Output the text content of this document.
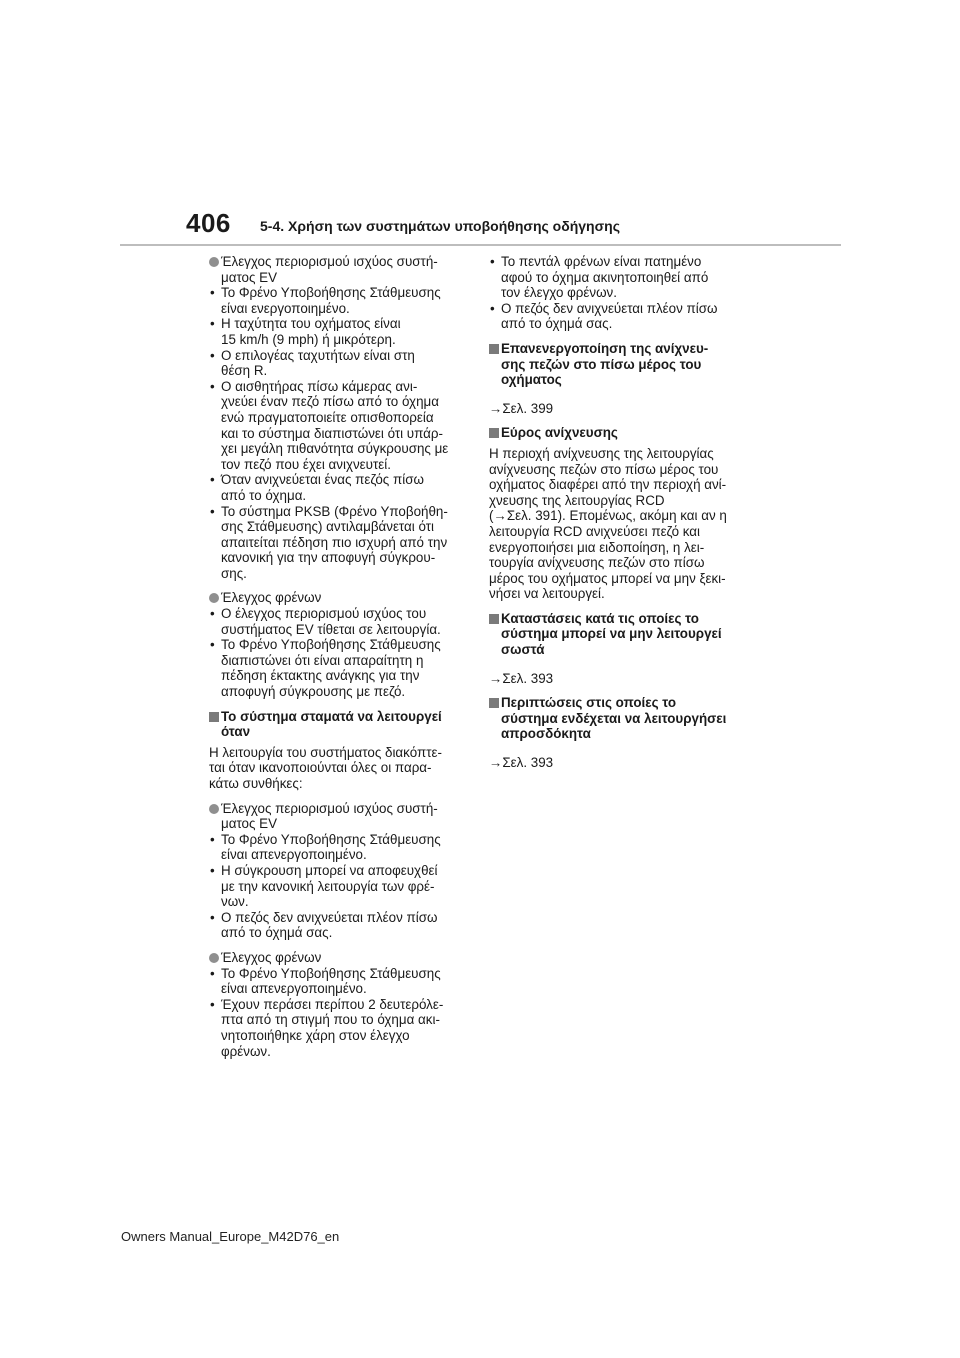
406 5-4. Χρήση των συστημάτων υποβοήθησης οδήγησης
Έλεγχος περιορισμού ισχύος συστή-
ματος EV
• Το Φρένο Υποβοήθησης Στάθμευσης
είναι ενεργοποιημένο.
• Η ταχύτητα του οχήματος είναι
15 km/h (9 mph) ή μικρότερη.
• Ο επιλογέας ταχυτήτων είναι στη
θέση R.
• Ο αισθητήρας πίσω κάμερας ανι-
χνεύει έναν πεζό πίσω από το όχημα
ενώ πραγματοποιείτε οπισθοπορεία
και το σύστημα διαπιστώνει ότι υπάρ-
χει μεγάλη πιθανότητα σύγκρουσης με
τον πεζό που έχει ανιχνευτεί.
• Όταν ανιχνεύεται ένας πεζός πίσω
από το όχημα.
• Το σύστημα PKSB (Φρένο Υποβοήθη-
σης Στάθμευσης) αντιλαμβάνεται ότι
απαιτείται πέδηση πιο ισχυρή από την
κανονική για την αποφυγή σύγκρου-
σης.
Έλεγχος φρένων
• Ο έλεγχος περιορισμού ισχύος του
συστήματος EV τίθεται σε λειτουργία.
• Το Φρένο Υποβοήθησης Στάθμευσης
διαπιστώνει ότι είναι απαραίτητη η
πέδηση έκτακτης ανάγκης για την
αποφυγή σύγκρουσης με πεζό.
Το σύστημα σταματά να λειτουργεί
όταν
Η λειτουργία του συστήματος διακόπτε-
ται όταν ικανοποιούνται όλες οι παρα-
κάτω συνθήκες:
Έλεγχος περιορισμού ισχύος συστή-
ματος EV
• Το Φρένο Υποβοήθησης Στάθμευσης
είναι απενεργοποιημένο.
• Η σύγκρουση μπορεί να αποφευχθεί
με την κανονική λειτουργία των φρέ-
νων.
• Ο πεζός δεν ανιχνεύεται πλέον πίσω
από το όχημά σας.
Έλεγχος φρένων
• Το Φρένο Υποβοήθησης Στάθμευσης
είναι απενεργοποιημένο.
• Έχουν περάσει περίπου 2 δευτερόλε-
πτα από τη στιγμή που το όχημα ακι-
νητοποιήθηκε χάρη στον έλεγχο
φρένων.
• Το πεντάλ φρένων είναι πατημένο
αφού το όχημα ακινητοποιηθεί από
τον έλεγχο φρένων.
• Ο πεζός δεν ανιχνεύεται πλέον πίσω
από το όχημά σας.
Επανενεργοποίηση της ανίχνευ-
σης πεζών στο πίσω μέρος του
οχήματος
→Σελ. 399
Εύρος ανίχνευσης
Η περιοχή ανίχνευσης της λειτουργίας
ανίχνευσης πεζών στο πίσω μέρος του
οχήματος διαφέρει από την περιοχή ανί-
χνευσης της λειτουργίας RCD
(→Σελ. 391). Επομένως, ακόμη και αν η
λειτουργία RCD ανιχνεύσει πεζό και
ενεργοποιήσει μια ειδοποίηση, η λει-
τουργία ανίχνευσης πεζών στο πίσω
μέρος του οχήματος μπορεί να μην ξεκι-
νήσει να λειτουργεί.
Καταστάσεις κατά τις οποίες το
σύστημα μπορεί να μην λειτουργεί
σωστά
→Σελ. 393
Περιπτώσεις στις οποίες το
σύστημα ενδέχεται να λειτουργήσει
απροσδόκητα
→Σελ. 393
Owners Manual_Europe_M42D76_en
